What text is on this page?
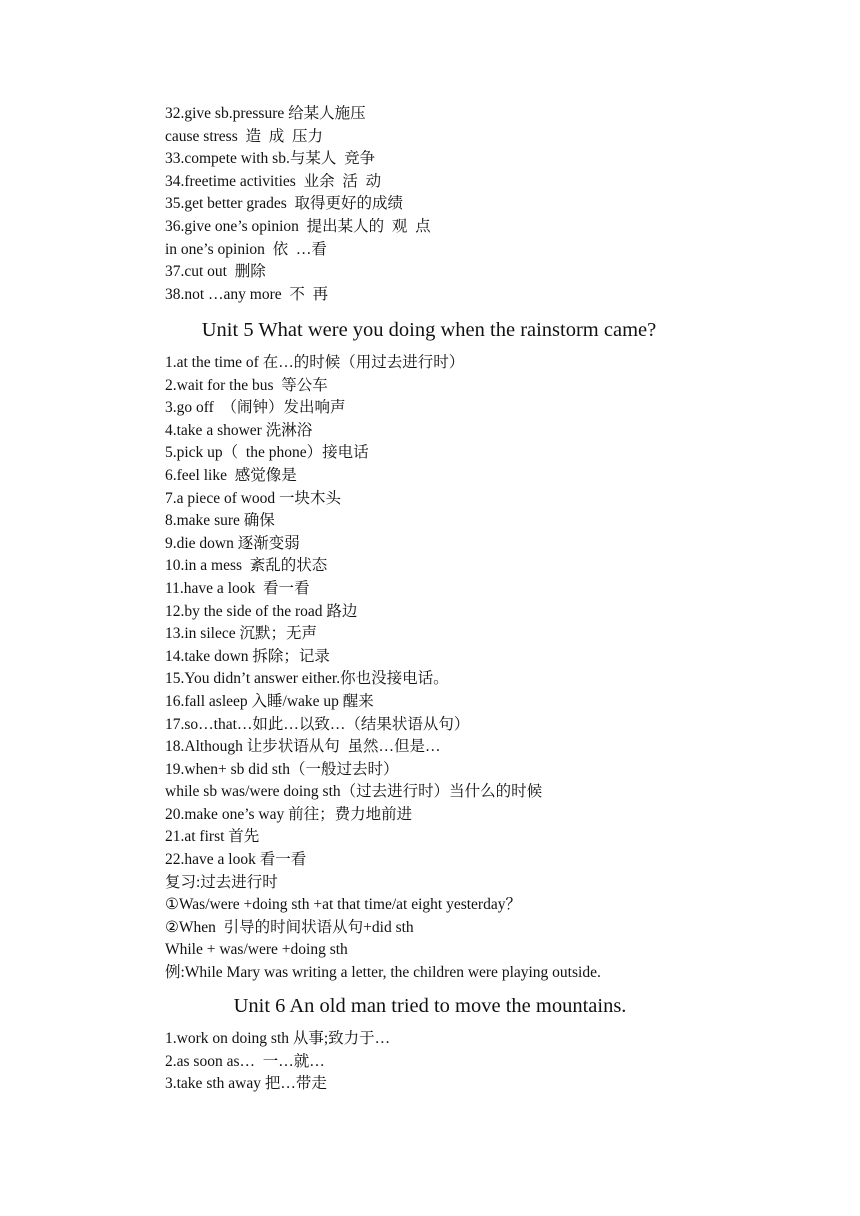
32.give sb.pressure 给某人施压
cause stress  造  成  压力
33.compete with sb.与某人  竞争
34.freetime activities  业余  活  动
35.get better grades  取得更好的成绩
36.give one’s opinion  提出某人的  观  点
in one’s opinion  依  …看
37.cut out  删除
38.not …any more  不  再
Unit 5 What were you doing when the rainstorm came?
1.at the time of 在…的时候（用过去进行时）
2.wait for the bus  等公车
3.go off  （闹钟）发出响声
4.take a shower 洗淋浴
5.pick up（  the phone）接电话
6.feel like  感觉像是
7.a piece of wood 一块木头
8.make sure 确保
9.die down 逐渐变弱
10.in a mess  紊乱的状态
11.have a look  看一看
12.by the side of the road 路边
13.in silece 沉默；无声
14.take down 拆除；记录
15.You didn’t answer either.你也没接电话。
16.fall asleep 入睡/wake up 醒来
17.so…that…如此…以致…（结果状语从句）
18.Although 让步状语从句  虽然…但是…
19.when+ sb did sth（一般过去时）
while sb was/were doing sth（过去进行时）当什么的时候
20.make one’s way 前往；费力地前进
21.at first 首先
22.have a look 看一看
复习:过去进行时
①Was/were +doing sth +at that time/at eight yesterday？
②When  引导的时间状语从句+did sth
While + was/were +doing sth
例:While Mary was writing a letter, the children were playing outside.
Unit 6 An old man tried to move the mountains.
1.work on doing sth 从事;致力于…
2.as soon as…  一…就…
3.take sth away 把…带走
